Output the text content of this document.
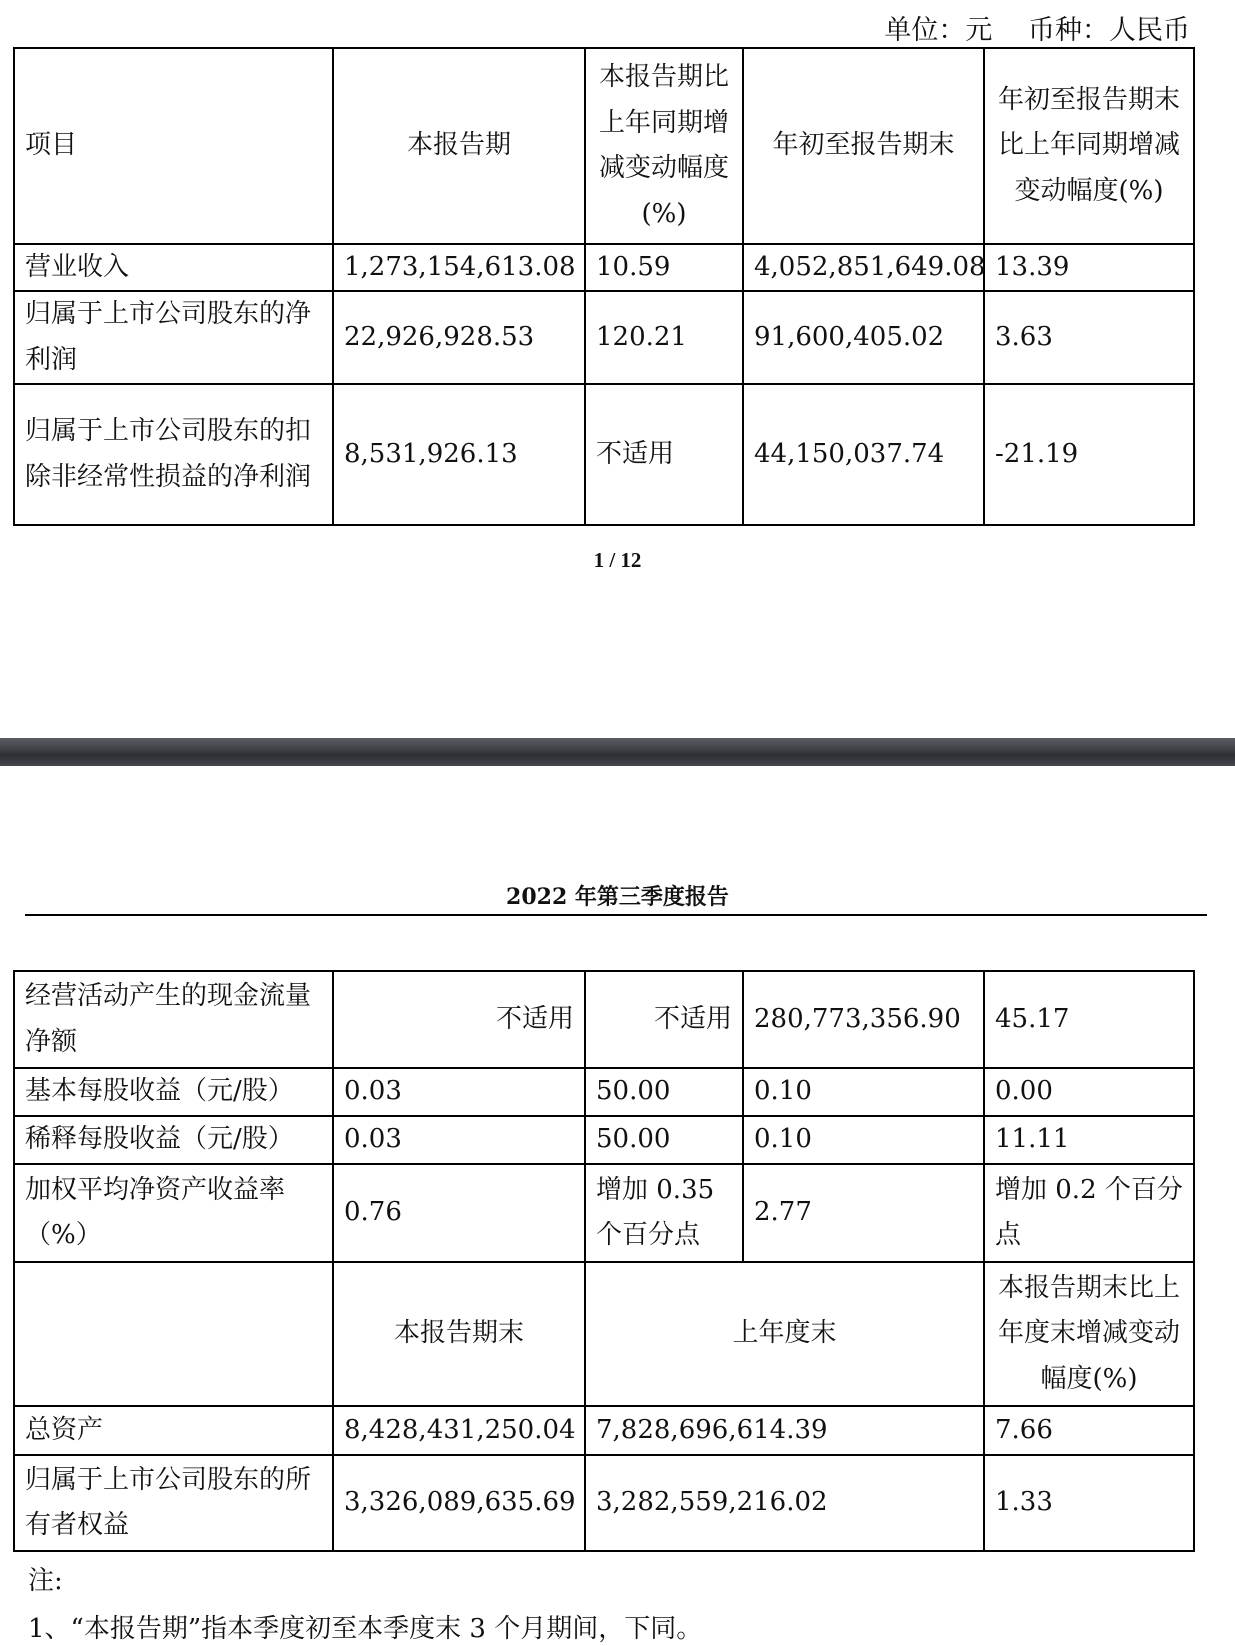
单位：元　 币种：人民币
项目	本报告期	本报告期比上年同期增减变动幅度(%)	年初至报告期末	年初至报告期末比上年同期增减变动幅度(%)
营业收入	1,273,154,613.08	10.59	4,052,851,649.08	13.39
归属于上市公司股东的净利润	22,926,928.53	120.21	91,600,405.02	3.63
归属于上市公司股东的扣除非经常性损益的净利润	8,531,926.13	不适用	44,150,037.74	-21.19
1 / 12
2022 年第三季度报告
经营活动产生的现金流量净额	不适用	不适用	280,773,356.90	45.17
基本每股收益（元/股）	0.03	50.00	0.10	0.00
稀释每股收益（元/股）	0.03	50.00	0.10	11.11
加权平均净资产收益率（%）	0.76	增加 0.35 个百分点	2.77	增加 0.2 个百分点
	本报告期末	上年度末		本报告期末比上年度末增减变动幅度(%)
总资产	8,428,431,250.04	7,828,696,614.39		7.66
归属于上市公司股东的所有者权益	3,326,089,635.69	3,282,559,216.02		1.33
注:
1、“本报告期”指本季度初至本季度末 3 个月期间，下同。
